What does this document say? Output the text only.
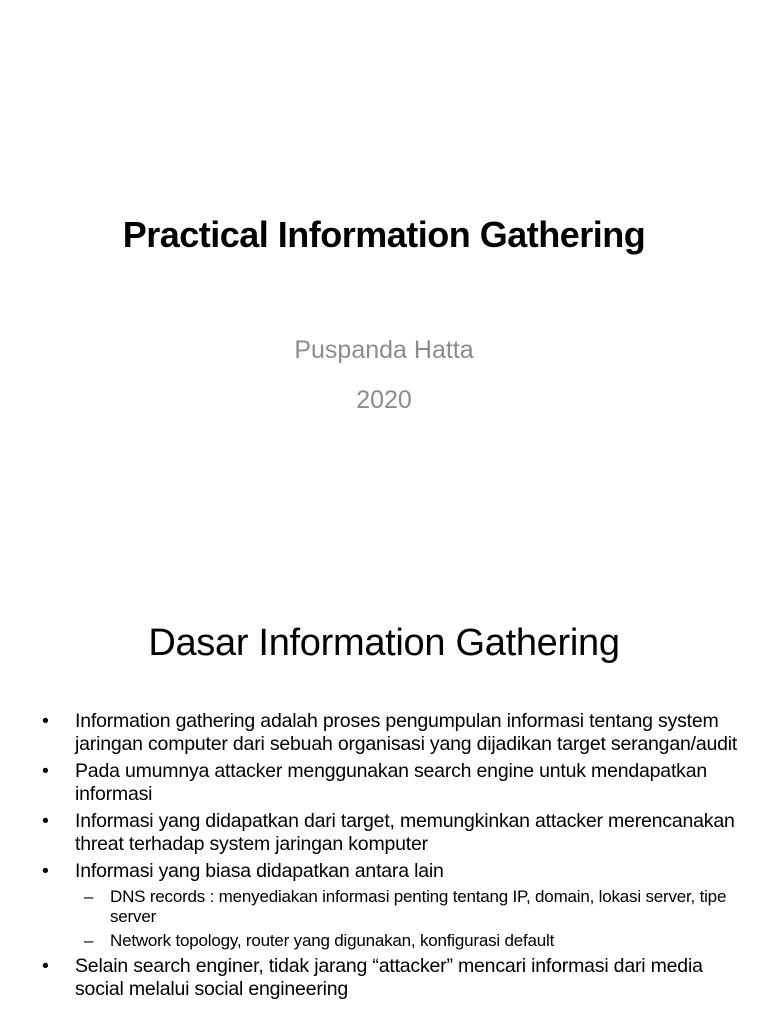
Practical Information Gathering

Puspanda Hatta

2020

Dasar Information Gathering
• Information gathering adalah proses pengumpulan informasi tentang system jaringan computer dari sebuah organisasi yang dijadikan target serangan/audit
• Pada umumnya attacker menggunakan search engine untuk mendapatkan informasi
• Informasi yang didapatkan dari target, memungkinkan attacker merencanakan threat terhadap system jaringan komputer
• Informasi yang biasa didapatkan antara lain
– DNS records : menyediakan informasi penting tentang IP, domain, lokasi server, tipe server
– Network topology, router yang digunakan, konfigurasi default
• Selain search enginer, tidak jarang “attacker” mencari informasi dari media social melalui social engineering
